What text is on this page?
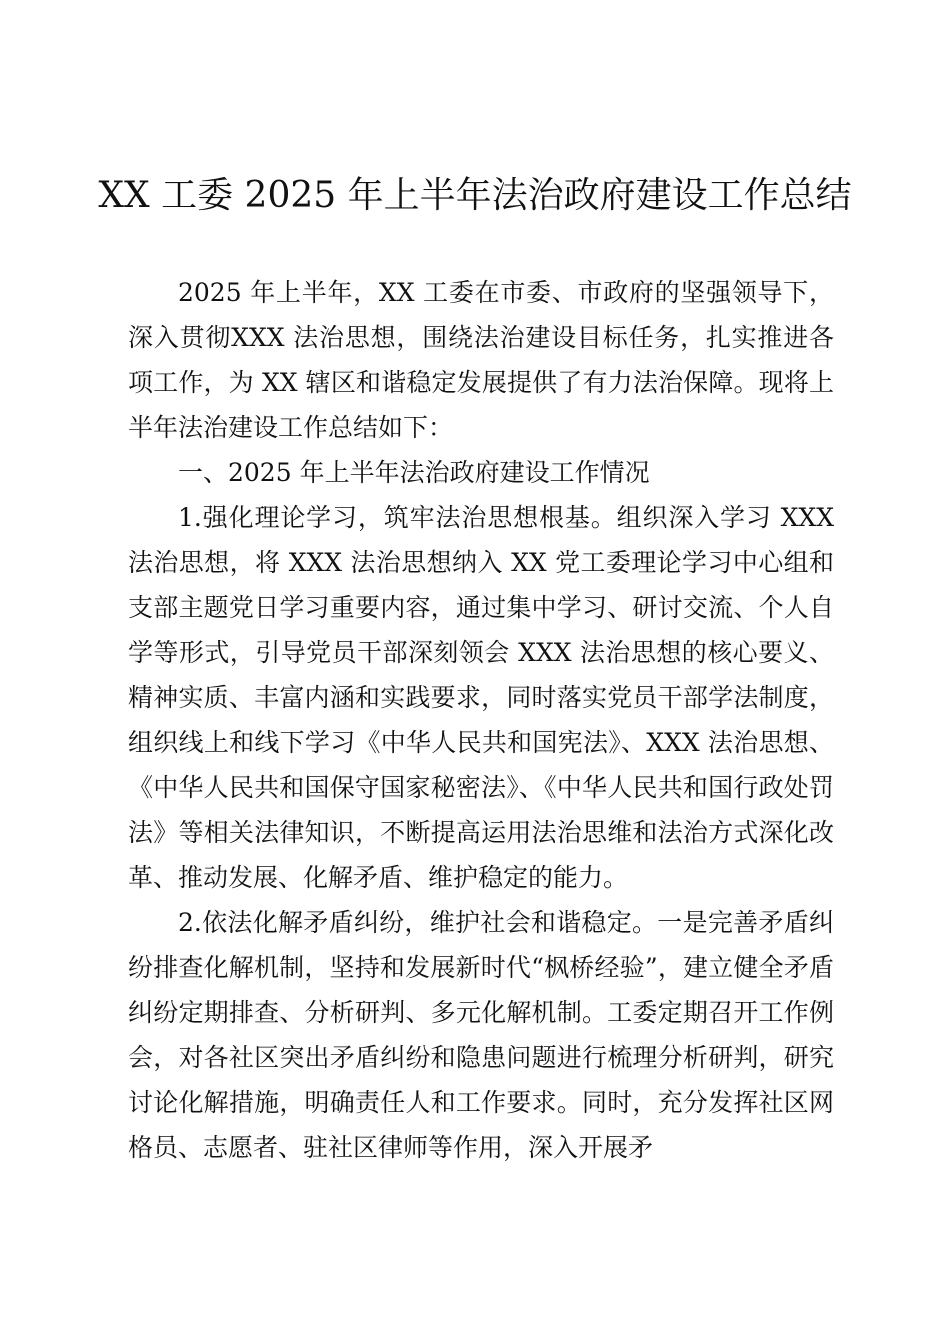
XX 工委 2025 年上半年法治政府建设工作总结

2025 年上半年，XX 工委在市委、市政府的坚强领导下，深入贯彻XXX 法治思想，围绕法治建设目标任务，扎实推进各项工作，为 XX 辖区和谐稳定发展提供了有力法治保障。现将上半年法治建设工作总结如下：

一、2025 年上半年法治政府建设工作情况

1.强化理论学习，筑牢法治思想根基。组织深入学习 XXX 法治思想，将 XXX 法治思想纳入 XX 党工委理论学习中心组和支部主题党日学习重要内容，通过集中学习、研讨交流、个人自学等形式，引导党员干部深刻领会 XXX 法治思想的核心要义、精神实质、丰富内涵和实践要求，同时落实党员干部学法制度，组织线上和线下学习《中华人民共和国宪法》、XXX 法治思想、《中华人民共和国保守国家秘密法》、《中华人民共和国行政处罚法》等相关法律知识，不断提高运用法治思维和法治方式深化改革、推动发展、化解矛盾、维护稳定的能力。

2.依法化解矛盾纠纷，维护社会和谐稳定。一是完善矛盾纠纷排查化解机制，坚持和发展新时代“枫桥经验”，建立健全矛盾纠纷定期排查、分析研判、多元化解机制。工委定期召开工作例会，对各社区突出矛盾纠纷和隐患问题进行梳理分析研判，研究讨论化解措施，明确责任人和工作要求。同时，充分发挥社区网格员、志愿者、驻社区律师等作用，深入开展矛
